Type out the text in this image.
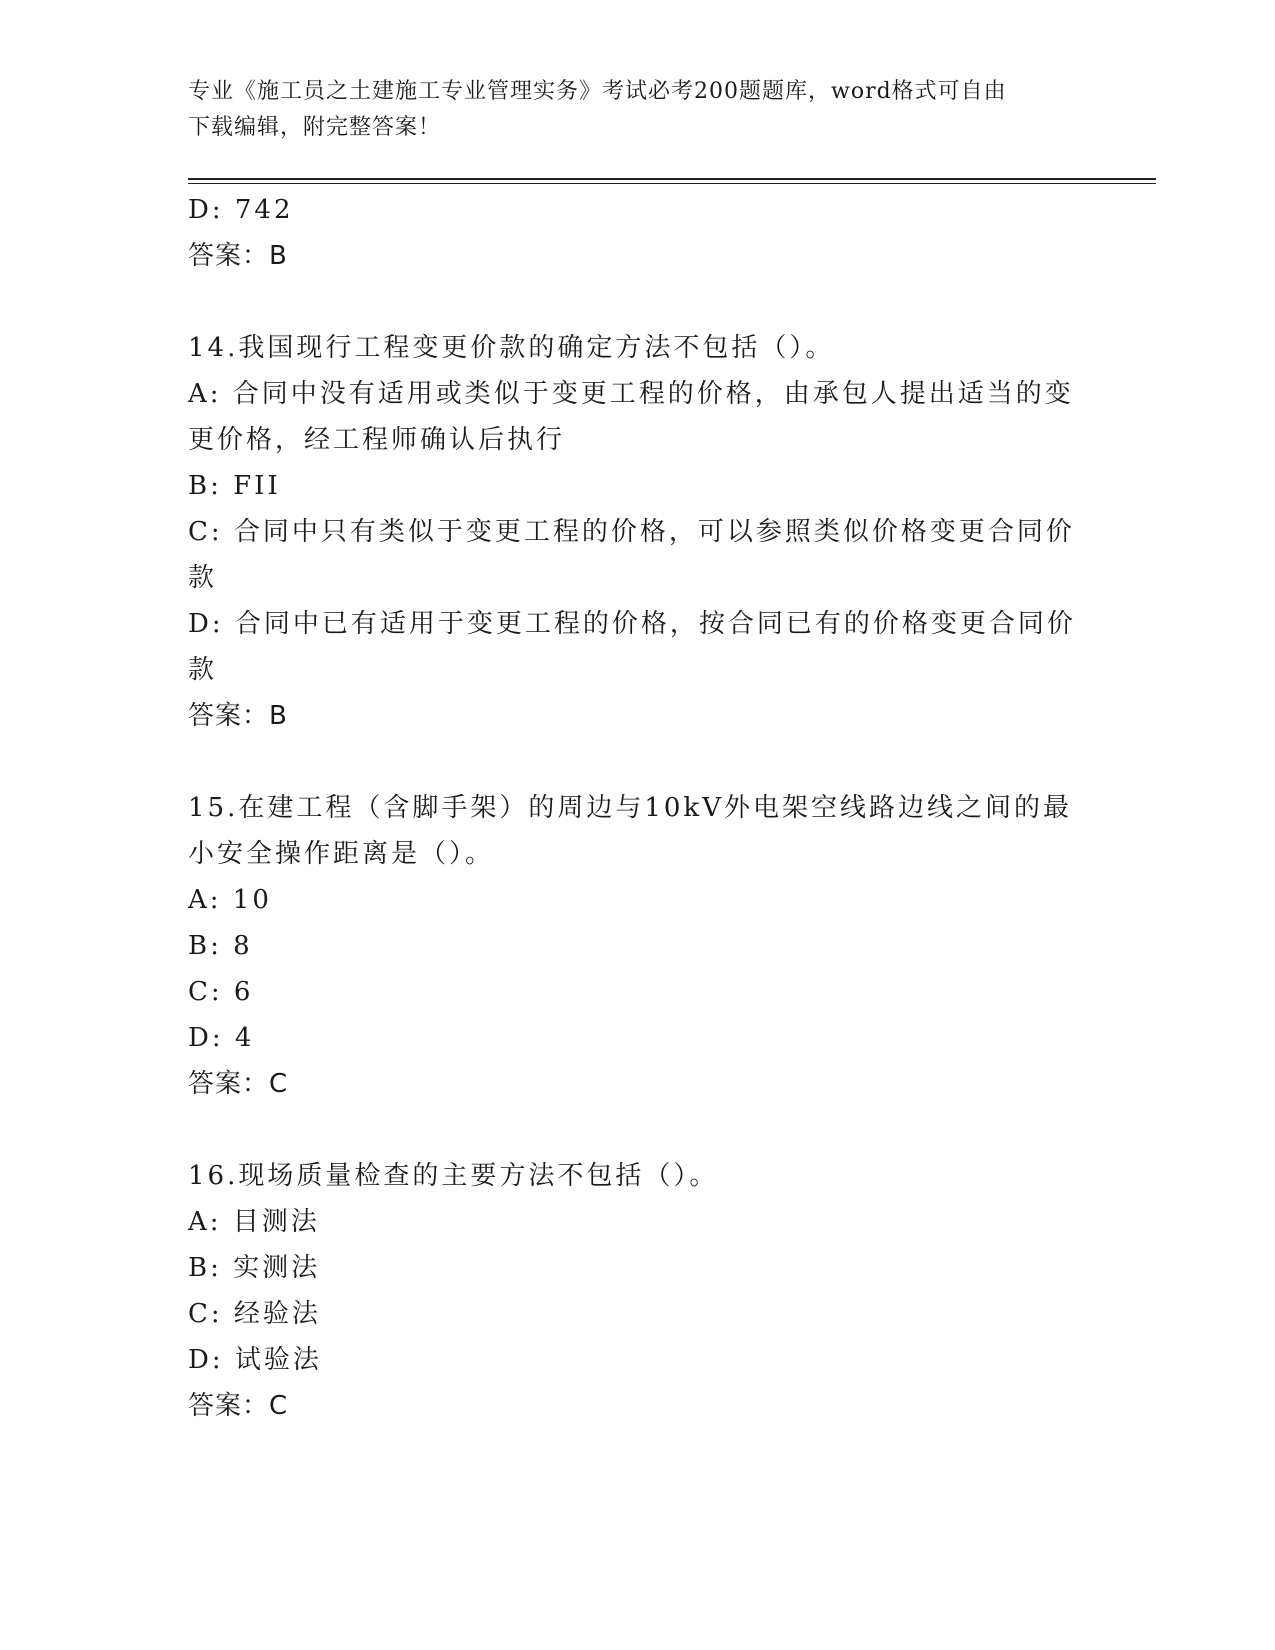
专业《施工员之土建施工专业管理实务》考试必考200题题库，word格式可自由
下载编辑，附完整答案！
D: 742
答案：B
14.我国现行工程变更价款的确定方法不包括（）。
A: 合同中没有适用或类似于变更工程的价格，由承包人提出适当的变
更价格，经工程师确认后执行
B: FII
C: 合同中只有类似于变更工程的价格，可以参照类似价格变更合同价
款
D: 合同中已有适用于变更工程的价格，按合同已有的价格变更合同价
款
答案：B
15.在建工程（含脚手架）的周边与10kV外电架空线路边线之间的最
小安全操作距离是（）。
A: 10
B: 8
C: 6
D: 4
答案：C
16.现场质量检查的主要方法不包括（）。
A: 目测法
B: 实测法
C: 经验法
D: 试验法
答案：C
